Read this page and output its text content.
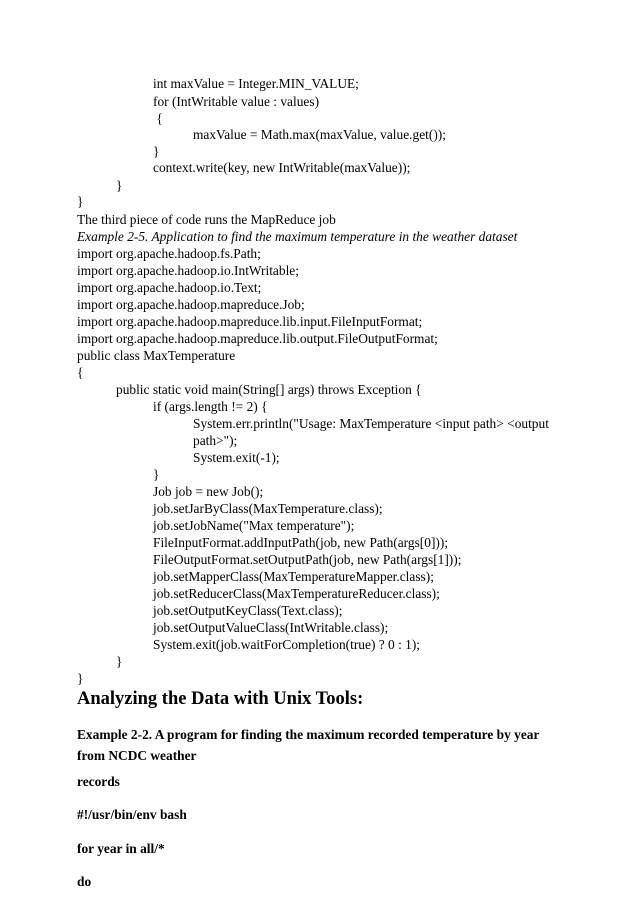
int maxValue = Integer.MIN_VALUE;
for (IntWritable value : values)
{
maxValue = Math.max(maxValue, value.get());
}
context.write(key, new IntWritable(maxValue));
}
}
The third piece of code runs the MapReduce job
Example 2-5. Application to find the maximum temperature in the weather dataset
import org.apache.hadoop.fs.Path;
import org.apache.hadoop.io.IntWritable;
import org.apache.hadoop.io.Text;
import org.apache.hadoop.mapreduce.Job;
import org.apache.hadoop.mapreduce.lib.input.FileInputFormat;
import org.apache.hadoop.mapreduce.lib.output.FileOutputFormat;
public class MaxTemperature
{
public static void main(String[] args) throws Exception {
if (args.length != 2) {
System.err.println("Usage: MaxTemperature <input path> <output
path>");
System.exit(-1);
}
Job job = new Job();
job.setJarByClass(MaxTemperature.class);
job.setJobName("Max temperature");
FileInputFormat.addInputPath(job, new Path(args[0]));
FileOutputFormat.setOutputPath(job, new Path(args[1]));
job.setMapperClass(MaxTemperatureMapper.class);
job.setReducerClass(MaxTemperatureReducer.class);
job.setOutputKeyClass(Text.class);
job.setOutputValueClass(IntWritable.class);
System.exit(job.waitForCompletion(true) ? 0 : 1);
}
}
Analyzing the Data with Unix Tools:
Example 2-2. A program for finding the maximum recorded temperature by year from NCDC weather
records
#!/usr/bin/env bash
for year in all/*
do
